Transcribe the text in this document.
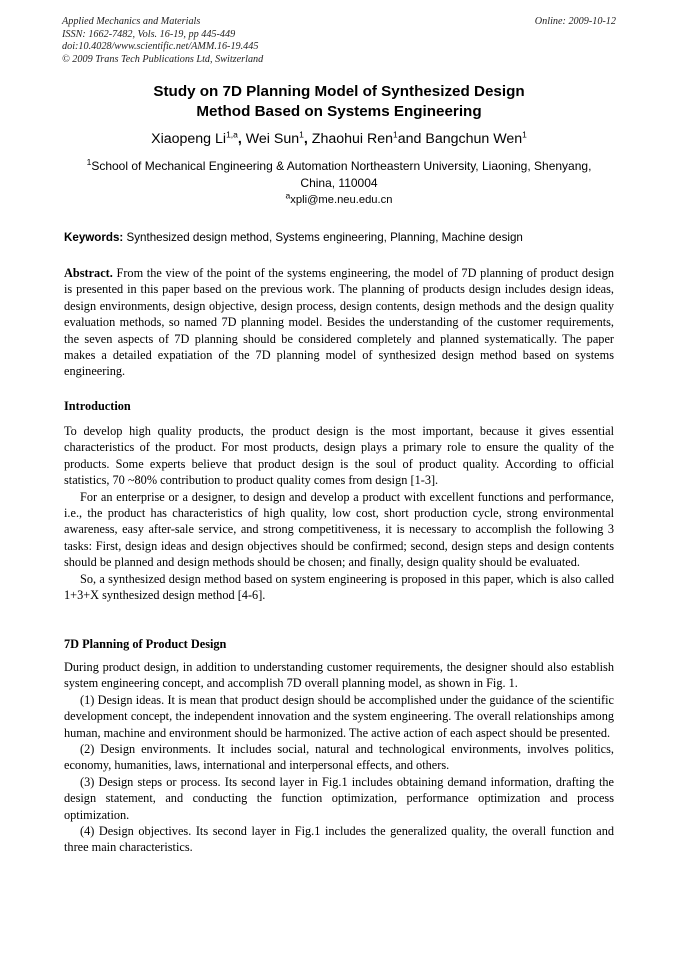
Applied Mechanics and Materials
ISSN: 1662-7482, Vols. 16-19, pp 445-449
doi:10.4028/www.scientific.net/AMM.16-19.445
© 2009 Trans Tech Publications Ltd, Switzerland
Online: 2009-10-12
Study on 7D Planning Model of Synthesized Design
Method Based on Systems Engineering
Xiaopeng Li$^{1,a}$, Wei Sun$^1$, Zhaohui Ren$^1$and Bangchun Wen$^1$
$^1$School of Mechanical Engineering & Automation Northeastern University, Liaoning, Shenyang, China, 110004
$^a$xpli@me.neu.edu.cn
Keywords: Synthesized design method, Systems engineering, Planning, Machine design
Abstract. From the view of the point of the systems engineering, the model of 7D planning of product design is presented in this paper based on the previous work. The planning of products design includes design ideas, design environments, design objective, design process, design contents, design methods and the design quality evaluation methods, so named 7D planning model. Besides the understanding of the customer requirements, the seven aspects of 7D planning should be considered completely and planned systematically. The paper makes a detailed expatiation of the 7D planning model of synthesized design method based on systems engineering.
Introduction

To develop high quality products, the product design is the most important, because it gives essential characteristics of the product. For most products, design plays a primary role to ensure the quality of the products. Some experts believe that product design is the soul of product quality. According to official statistics, 70 ~80% contribution to product quality comes from design [1-3].

For an enterprise or a designer, to design and develop a product with excellent functions and performance, i.e., the product has characteristics of high quality, low cost, short production cycle, strong environmental awareness, easy after-sale service, and strong competitiveness, it is necessary to accomplish the following 3 tasks: First, design ideas and design objectives should be confirmed; second, design steps and design contents should be planned and design methods should be chosen; and finally, design quality should be evaluated.

So, a synthesized design method based on system engineering is proposed in this paper, which is also called 1+3+X synthesized design method [4-6].

7D Planning of Product Design

During product design, in addition to understanding customer requirements, the designer should also establish system engineering concept, and accomplish 7D overall planning model, as shown in Fig. 1.

(1) Design ideas. It is mean that product design should be accomplished under the guidance of the scientific development concept, the independent innovation and the system engineering. The overall relationships among human, machine and environment should be harmonized. The active action of each aspect should be presented.

(2) Design environments. It includes social, natural and technological environments, involves politics, economy, humanities, laws, international and interpersonal effects, and others.

(3) Design steps or process. Its second layer in Fig.1 includes obtaining demand information, drafting the design statement, and conducting the function optimization, performance optimization and process optimization.

(4) Design objectives. Its second layer in Fig.1 includes the generalized quality, the overall function and three main characteristics.
